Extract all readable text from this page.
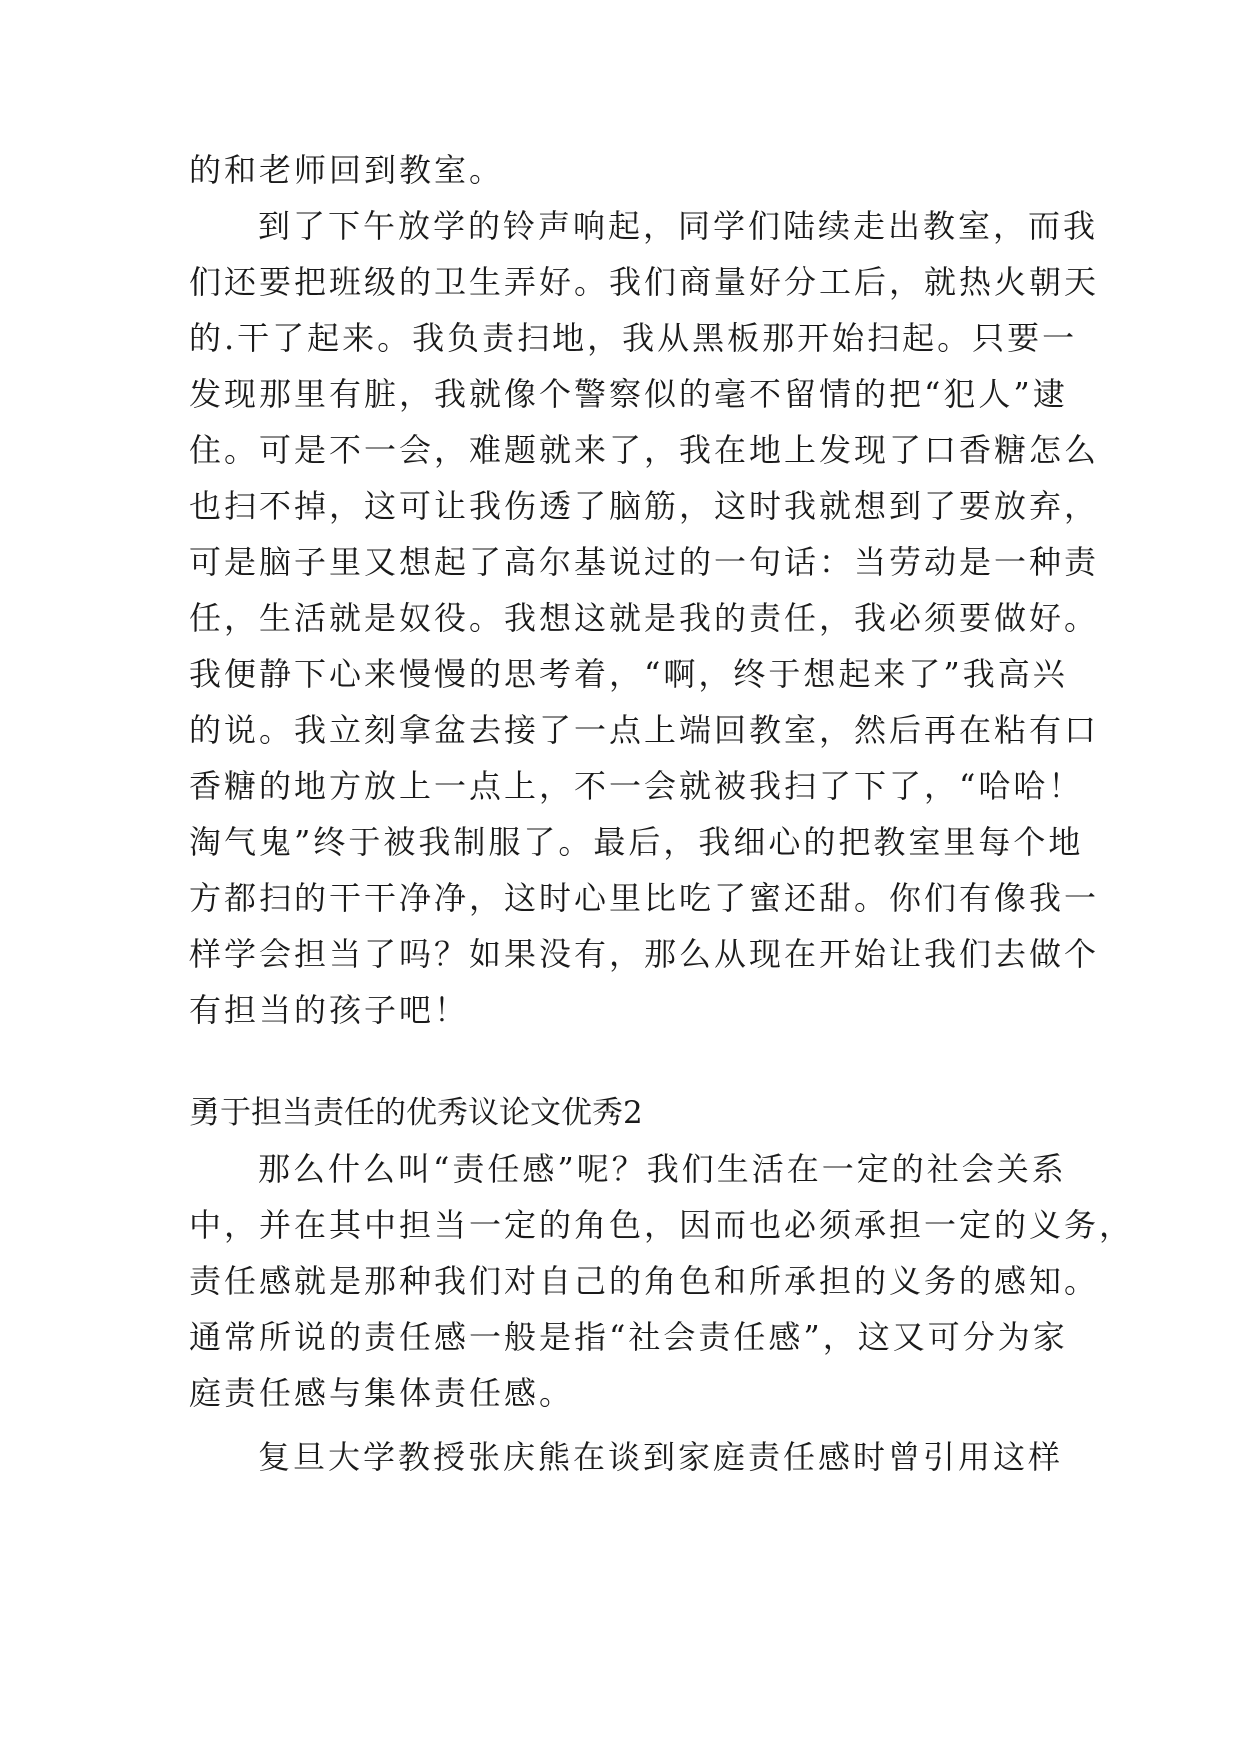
的和老师回到教室。
到了下午放学的铃声响起，同学们陆续走出教室，而我
们还要把班级的卫生弄好。我们商量好分工后，就热火朝天
的.干了起来。我负责扫地，我从黑板那开始扫起。只要一
发现那里有脏，我就像个警察似的毫不留情的把“犯人”逮
住。可是不一会，难题就来了，我在地上发现了口香糖怎么
也扫不掉，这可让我伤透了脑筋，这时我就想到了要放弃，
可是脑子里又想起了高尔基说过的一句话：当劳动是一种责
任，生活就是奴役。我想这就是我的责任，我必须要做好。
我便静下心来慢慢的思考着，“啊，终于想起来了”我高兴
的说。我立刻拿盆去接了一点上端回教室，然后再在粘有口
香糖的地方放上一点上，不一会就被我扫了下了，“哈哈！
淘气鬼”终于被我制服了。最后，我细心的把教室里每个地
方都扫的干干净净，这时心里比吃了蜜还甜。你们有像我一
样学会担当了吗？如果没有，那么从现在开始让我们去做个
有担当的孩子吧！
勇于担当责任的优秀议论文优秀2
那么什么叫“责任感”呢？我们生活在一定的社会关系
中，并在其中担当一定的角色，因而也必须承担一定的义务，
责任感就是那种我们对自己的角色和所承担的义务的感知。
通常所说的责任感一般是指“社会责任感”，这又可分为家
庭责任感与集体责任感。
复旦大学教授张庆熊在谈到家庭责任感时曾引用这样
